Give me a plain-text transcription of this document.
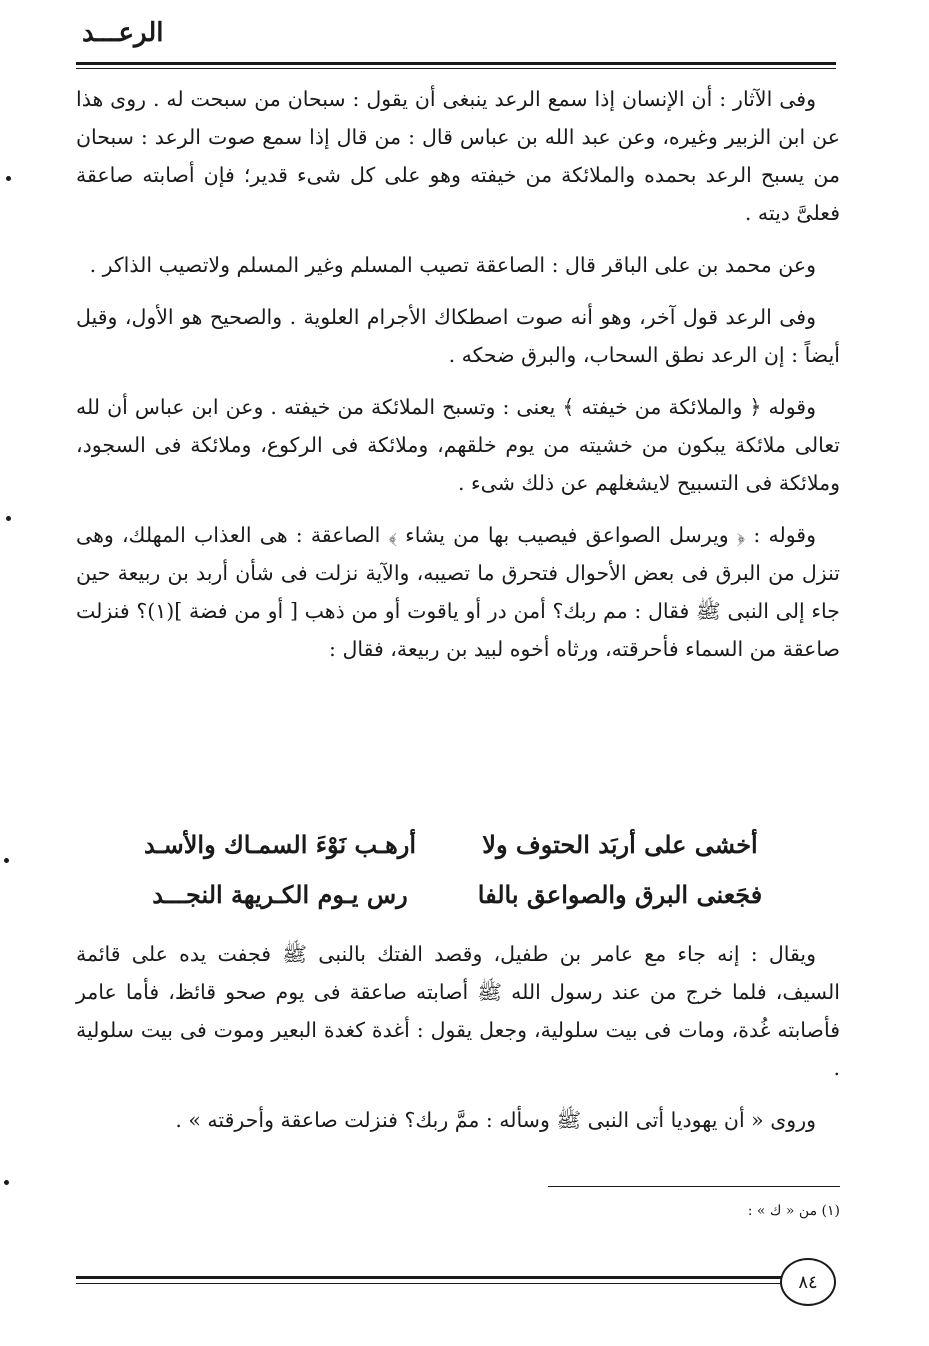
الرعـــد

وفى الآثار : أن الإنسان إذا سمع الرعد ينبغى أن يقول : سبحان من سبحت له . روى هذا عن ابن الزبير وغيره، وعن عبد الله بن عباس قال : من قال إذا سمع صوت الرعد : سبحان من يسبح الرعد بحمده والملائكة من خيفته وهو على كل شىء قدير؛ فإن أصابته صاعقة فعلىَّ ديته .

وعن محمد بن على الباقر قال : الصاعقة تصيب المسلم وغير المسلم ولاتصيب الذاكر .

وفى الرعد قول آخر، وهو أنه صوت اصطكاك الأجرام العلوية . والصحيح هو الأول، وقيل أيضاً : إن الرعد نطق السحاب، والبرق ضحكه .

وقوله ﴿ والملائكة من خيفته ﴾ يعنى : وتسبح الملائكة من خيفته . وعن ابن عباس أن لله تعالى ملائكة يبكون من خشيته من يوم خلقهم، وملائكة فى الركوع، وملائكة فى السجود، وملائكة فى التسبيح لايشغلهم عن ذلك شىء .

وقوله : ﴿ ويرسل الصواعق فيصيب بها من يشاء ﴾ الصاعقة : هى العذاب المهلك، وهى تنزل من البرق فى بعض الأحوال فتحرق ما تصيبه، والآية نزلت فى شأن أربد بن ربيعة حين جاء إلى النبى ﷺ فقال : مم ربك؟ أمن در أو ياقوت أو من ذهب [ أو من فضة ](١)؟ فنزلت صاعقة من السماء فأحرقته، ورثاه أخوه لبيد بن ربيعة، فقال :

أخشى على أربَد الحتوف ولا
أرهـب نَوْءَ السمـاك والأسـد
فجَعنى البرق والصواعق بالفا
رس يـوم الكـريهة النجـــد

ويقال : إنه جاء مع عامر بن طفيل، وقصد الفتك بالنبى ﷺ فجفت يده على قائمة السيف، فلما خرج من عند رسول الله ﷺ أصابته صاعقة فى يوم صحو قائظ، فأما عامر فأصابته غُدة، ومات فى بيت سلولية، وجعل يقول : أغدة كغدة البعير وموت فى بيت سلولية .

وروى « أن يهوديا أتى النبى ﷺ وسأله : ممَّ ربك؟ فنزلت صاعقة وأحرقته » .

(١) من « ك » :
٨٤
